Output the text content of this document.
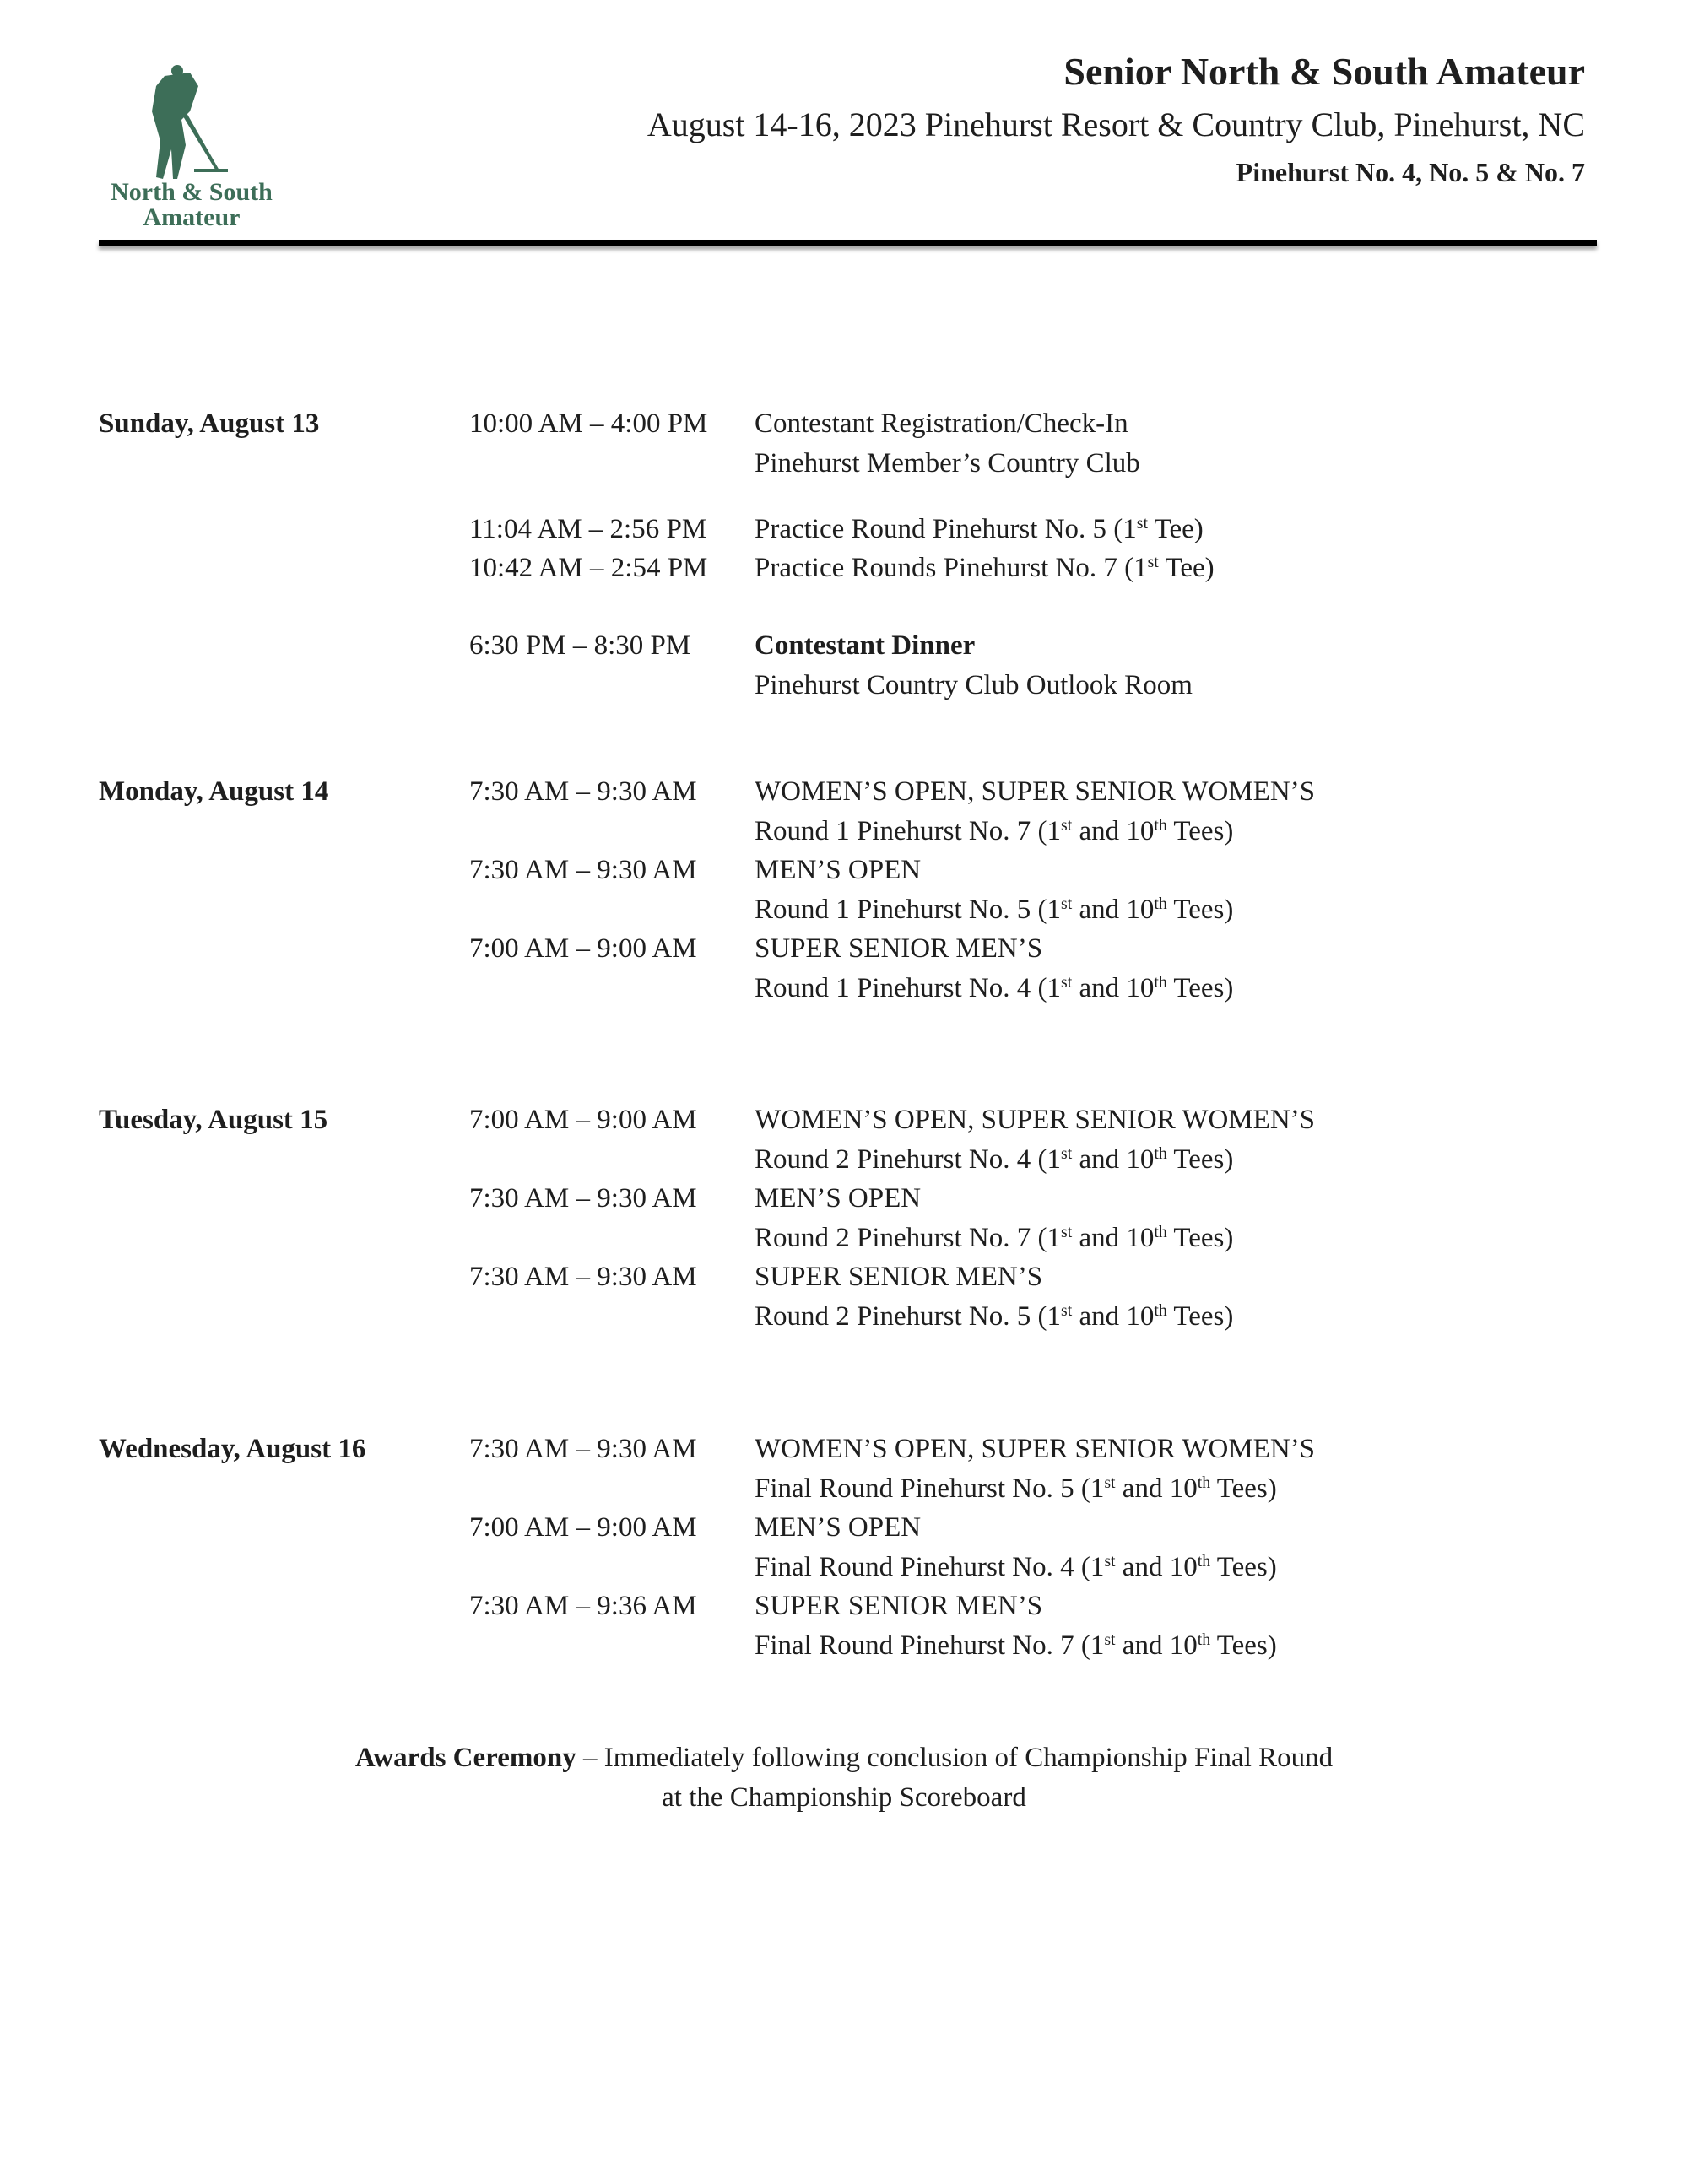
North & South
Amateur
Senior North & South Amateur
August 14-16, 2023 Pinehurst Resort & Country Club, Pinehurst, NC
Pinehurst No. 4, No. 5 & No. 7
Sunday, August 13	10:00 AM – 4:00 PM Contestant Registration/Check-In
Pinehurst Member’s Country Club
11:04 AM – 2:56 PM Practice Round Pinehurst No. 5 (1st Tee)
10:42 AM – 2:54 PM Practice Rounds Pinehurst No. 7 (1st Tee)
6:30 PM – 8:30 PM Contestant Dinner
Pinehurst Country Club Outlook Room
Monday, August 14	7:30 AM – 9:30 AM WOMEN’S OPEN, SUPER SENIOR WOMEN’S
Round 1 Pinehurst No. 7 (1st and 10th Tees)
7:30 AM – 9:30 AM MEN’S OPEN
Round 1 Pinehurst No. 5 (1st and 10th Tees)
7:00 AM – 9:00 AM SUPER SENIOR MEN’S
Round 1 Pinehurst No. 4 (1st and 10th Tees)
Tuesday, August 15	7:00 AM – 9:00 AM WOMEN’S OPEN, SUPER SENIOR WOMEN’S
Round 2 Pinehurst No. 4 (1st and 10th Tees)
7:30 AM – 9:30 AM MEN’S OPEN
Round 2 Pinehurst No. 7 (1st and 10th Tees)
7:30 AM – 9:30 AM SUPER SENIOR MEN’S
Round 2 Pinehurst No. 5 (1st and 10th Tees)
Wednesday, August 16	7:30 AM – 9:30 AM WOMEN’S OPEN, SUPER SENIOR WOMEN’S
Final Round Pinehurst No. 5 (1st and 10th Tees)
7:00 AM – 9:00 AM MEN’S OPEN
Final Round Pinehurst No. 4 (1st and 10th Tees)
7:30 AM – 9:36 AM SUPER SENIOR MEN’S
Final Round Pinehurst No. 7 (1st and 10th Tees)
Awards Ceremony – Immediately following conclusion of Championship Final Round
at the Championship Scoreboard
